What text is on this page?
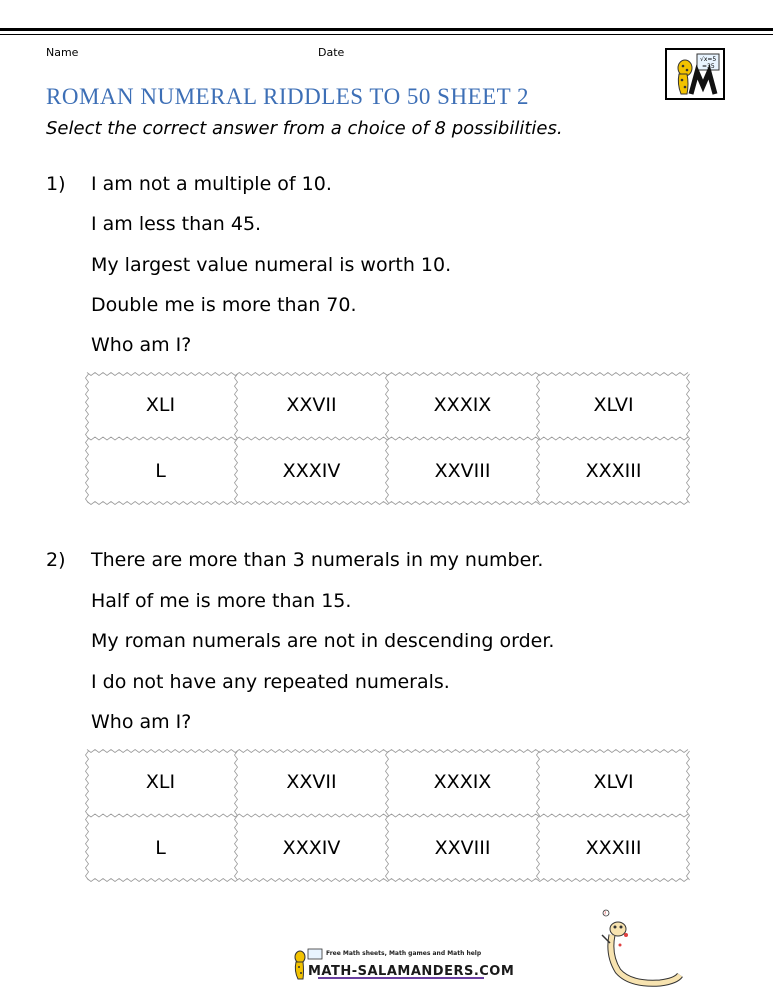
Name	Date
√x=5
=35
ROMAN NUMERAL RIDDLES TO 50 SHEET 2
Select the correct answer from a choice of 8 possibilities.
1) I am not a multiple of 10.
I am less than 45.
My largest value numeral is worth 10.
Double me is more than 70.
Who am I?
XLI	XXVII	XXXIX	XLVI
L	XXXIV	XXVIII	XXXIII
2) There are more than 3 numerals in my number.
Half of me is more than 15.
My roman numerals are not in descending order.
I do not have any repeated numerals.
Who am I?
XLI	XXVII	XXXIX	XLVI
L	XXXIV	XXVIII	XXXIII
Free Math sheets, Math games and Math help
MATH-SALAMANDERS.COM
?
